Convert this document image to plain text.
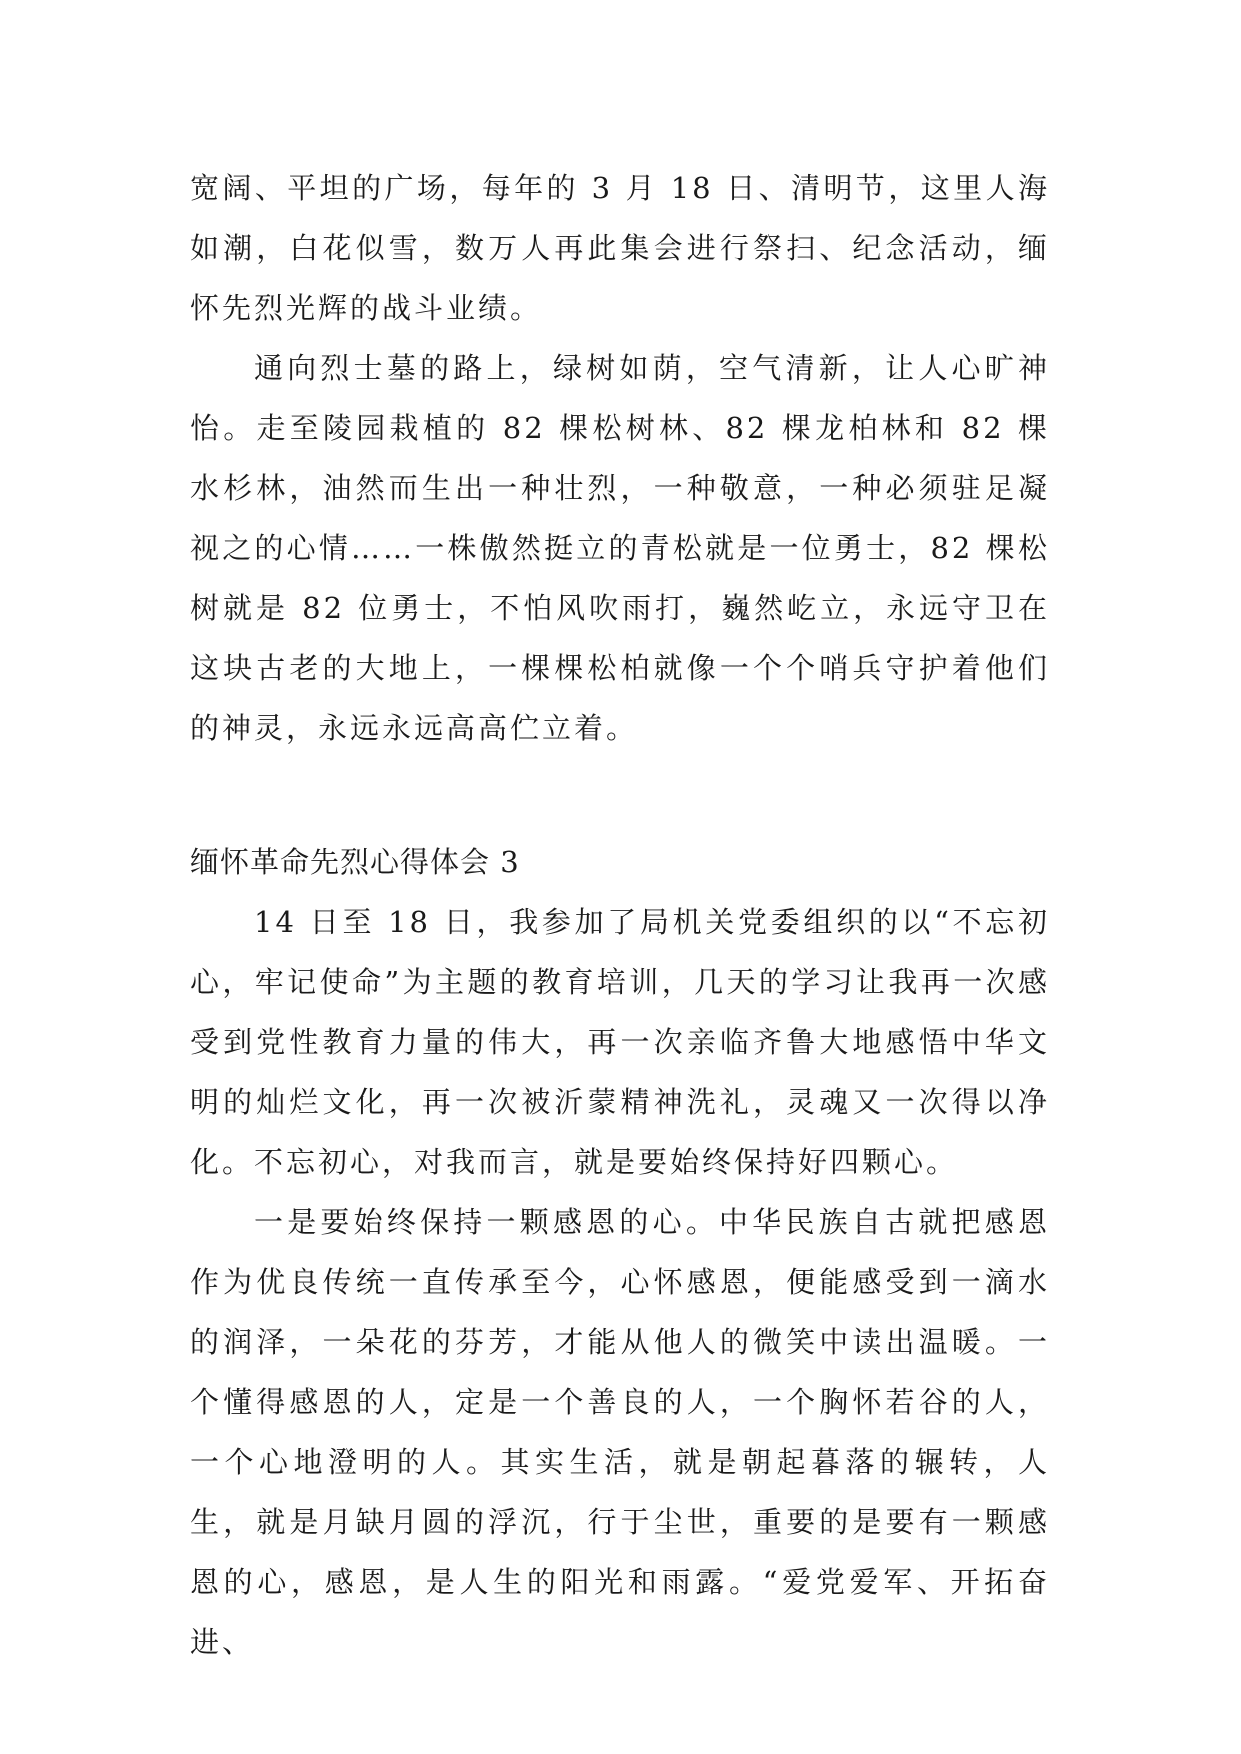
宽阔、平坦的广场，每年的 3 月 18 日、清明节，这里人海如潮，白花似雪，数万人再此集会进行祭扫、纪念活动，缅怀先烈光辉的战斗业绩。

通向烈士墓的路上，绿树如荫，空气清新，让人心旷神怡。走至陵园栽植的 82 棵松树林、82 棵龙柏林和 82 棵水杉林，油然而生出一种壮烈，一种敬意，一种必须驻足凝视之的心情……一株傲然挺立的青松就是一位勇士，82 棵松树就是 82 位勇士，不怕风吹雨打，巍然屹立，永远守卫在这块古老的大地上，一棵棵松柏就像一个个哨兵守护着他们的神灵，永远永远高高伫立着。

缅怀革命先烈心得体会 3

14 日至 18 日，我参加了局机关党委组织的以“不忘初心，牢记使命”为主题的教育培训，几天的学习让我再一次感受到党性教育力量的伟大，再一次亲临齐鲁大地感悟中华文明的灿烂文化，再一次被沂蒙精神洗礼，灵魂又一次得以净化。不忘初心，对我而言，就是要始终保持好四颗心。

一是要始终保持一颗感恩的心。中华民族自古就把感恩作为优良传统一直传承至今，心怀感恩，便能感受到一滴水的润泽，一朵花的芬芳，才能从他人的微笑中读出温暖。一个懂得感恩的人，定是一个善良的人，一个胸怀若谷的人，一个心地澄明的人。其实生活，就是朝起暮落的辗转，人生，就是月缺月圆的浮沉，行于尘世，重要的是要有一颗感恩的心，感恩，是人生的阳光和雨露。“爱党爱军、开拓奋进、
